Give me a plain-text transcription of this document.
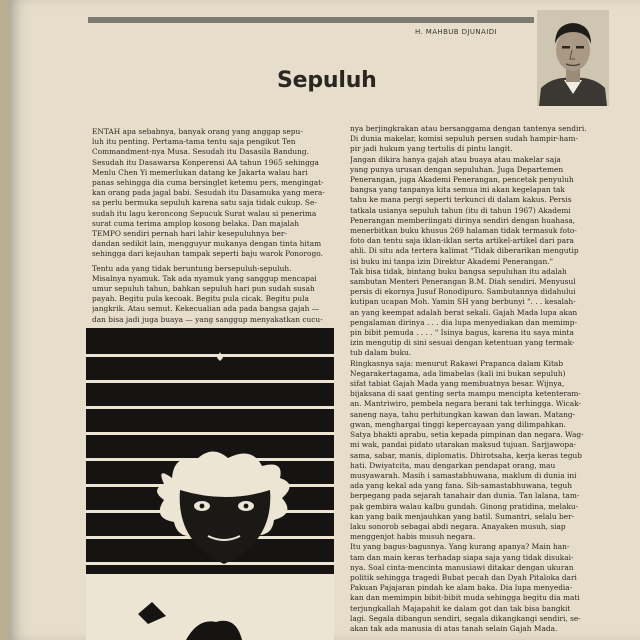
H. MAHBUB DJUNAIDI
Sepuluh
ENTAH apa sebabnya, banyak orang yang anggap sepu-
luh itu penting. Pertama-tama tentu saja pengikut Ten
Commandment-nya Musa. Sesudah itu Dasasila Bandung.
Sesudah itu Dasawarsa Konperensi AA tahun 1965 sehingga
Menlu Chen Yi memerlukan datang ke Jakarta walau hari
panas sehingga dia cuma bersinglet ketemu pers, mengingat-
kan orang pada jagal babi. Sesudah itu Dasamuka yang mera-
sa perlu bermuka sepuluh karena satu saja tidak cukup. Se-
sudah itu lagu keroncong Sepucuk Surat walau si penerima
surat cuma terima amplop kosong belaka. Dan majalah
TEMPO sendiri pernah hari lahir kesepuluhnya ber-
dandan sedikit lain, mengguyur mukanya dengan tinta hitam
sehingga dari kejauhan tampak seperti baju warok Ponorogo.
Tentu ada yang tidak beruntung bersepuluh-sepuluh.
Misalnya nyamuk. Tak ada nyamuk yang sanggup mencapai
umur sepuluh tahun, bahkan sepuluh hari pun sudah susah
payah. Begitu pula kecoak. Begitu pula cicak. Begitu pula
jangkrik. Atau semut. Kekecualian ada pada bangsa gajah —
dan bisa jadi juga buaya — yang sanggup menyakatkan cucu-
nya berjingkrakan atau bersanggama dengan tantenya sendiri.
Di dunia makelar, komisi sepuluh persen sudah hampir-ham-
pir jadi hukum yang tertulis di pintu langit.
Jangan dikira hanya gajah atau buaya atau makelar saja
yang punya urusan dengan sepuluhan. Juga Departemen
Penerangan, juga Akademi Penerangan, pencetak penyuluh
bangsa yang tanpanya kita semua ini akan kegelapan tak
tahu ke mana pergi seperti terkunci di dalam kakus. Persis
tatkala usianya sepuluh tahun (itu di tahun 1967) Akademi
Penerangan memberiingati dirinya sendiri dengan huahasa,
menerbitkan buku khusus 269 halaman tidak termasuk foto-
foto dan tentu saja iklan-iklan serta artikel-artikel dari para
ahli. Di situ ada tertera kalimat "Tidak diberarikan mengutip
isi buku ini tanpa izin Direktur Akademi Penerangan."
Tak bisa tidak, bintang buku bangsa sepuluhan itu adalah
sambutan Menteri Penerangan B.M. Diah sendiri. Menyusul
persis di ekornya Jusuf Ronodipuro. Sambutannya didahului
kutipan ucapan Moh. Yamin SH yang berbunyi ". . . kesalah-
an yang keempat adalah berat sekali. Gajah Mada lupa akan
pengalaman dirinya . . . dia lupa menyediakan dan memimp-
pin bibit pemuda . . . . " Isinya bagus, karena itu saya mintа
izin mengutip di sini sesuai dengan ketentuan yang termak-
tub dalam buku.
Ringkasnya saja: menurut Rakawi Prapanca dalam Kitab
Negarakertagama, ada limabelas (kali ini bukan sepuluh)
sifat tabiat Gajah Mada yang membuatnya besar. Wijnya,
bijaksana di saat genting serta mampu mencipta ketenteram-
an. Mantriwiro, pembela negara berani tak terhingga. Wicak-
saneng naya, tahu perhitungkan kawan dan lawan. Matang-
gwan, menghargai tinggi kepercayaan yang dilimpahkan.
Satya bhakti aprabu, setia kepada pimpinan dan negara. Wag-
mi wak, pandai pidato utarakan maksud tujuan. Sarjjawopa-
sama, sabar, manis, diplomatis. Dhirotsaha, kerja keras tegub
hati. Dwiyatcita, mau dengarkan pendapat orang, mau
musyawarah. Masih i samastabhuwana, maklum di dunia ini
ada yang kekal ada yang fana. Sih-samastabhuwana, teguh
berpegang pada sejarah tanahair dan dunia. Tan lalana, tam-
pak gembira walau kalbu gundah. Ginong pratidina, melaku-
kan yang baik menjauhkan yang batil. Sumantri, selalu ber-
laku sonorob sebagai abdi negara. Anayaken musuh, siap
menggenjot habis musuh negara.
Itu yang bagus-bagusnya. Yang kurang apanya? Main han-
tam dan main keras terhadap siapa saja yang tidak disukai-
nya. Soal cinta-mencinta manusiawi ditakar dengan ukuran
politik sehingga tragedi Bubat pecah dan Dyah Pitaloka dari
Pakuan Pajajaran pindah ke alam baka. Dia lupa menyedia-
kan dan memimpin bibit-bibit muda sehingga begitu dia mati
terjungkallah Majapahit ke dalam got dan tak bisa bangkit
lagi. Segala dibangun sendiri, segala dikangkangi sendiri, se-
akan tak ada manusia di atas tanah selain Gajah Mada.
